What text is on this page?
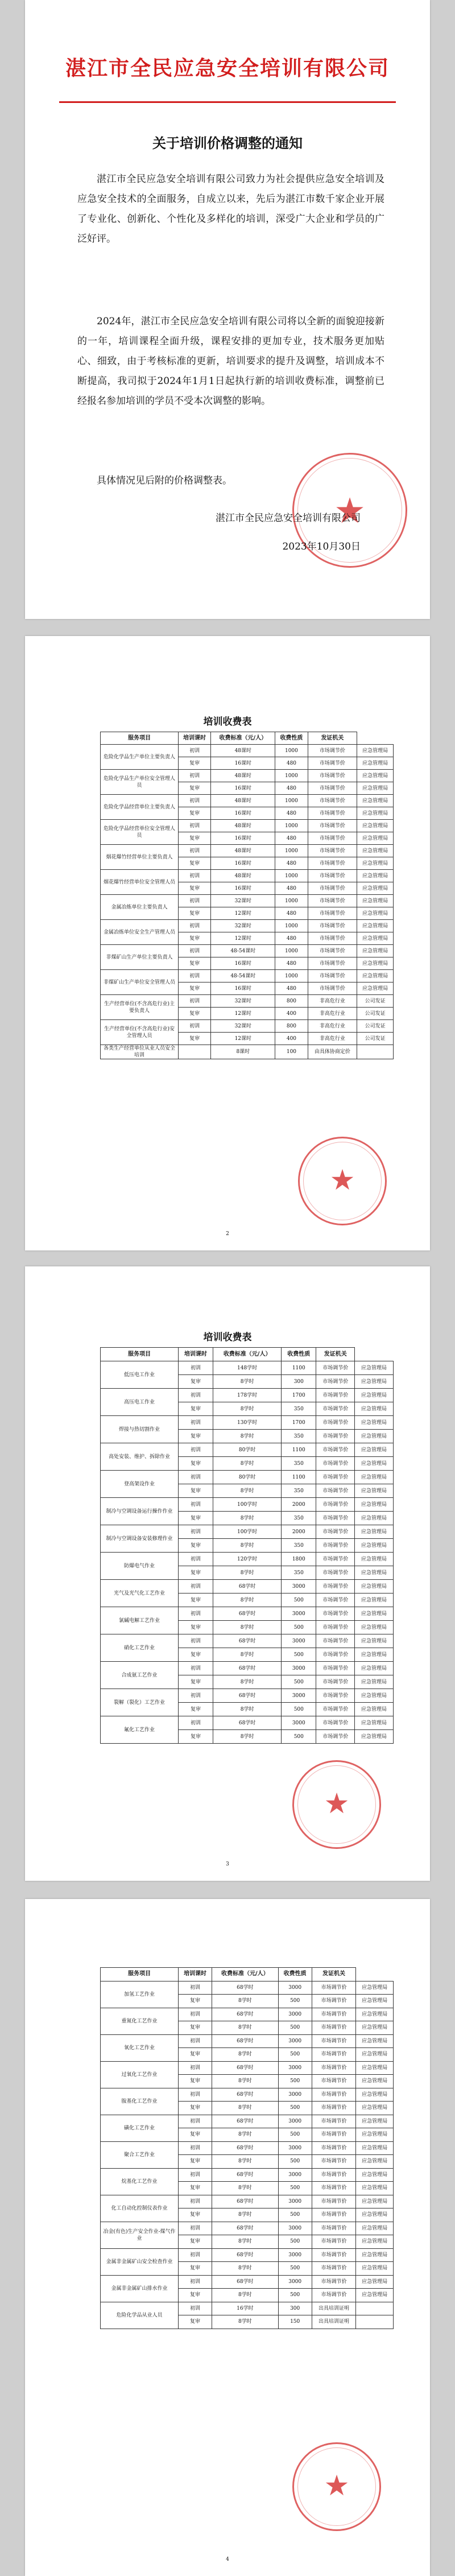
湛江市全民应急安全培训有限公司
关于培训价格调整的通知

湛江市全民应急安全培训有限公司致力为社会提供应急安全培训及应急安全技术的全面服务，自成立以来，先后为湛江市数千家企业开展了专业化、创新化、个性化及多样化的培训，深受广大企业和学员的广泛好评。

2024年，湛江市全民应急安全培训有限公司将以全新的面貌迎接新的一年，培训课程全面升级，课程安排的更加专业，技术服务更加贴心、细致，由于考核标准的更新，培训要求的提升及调整，培训成本不断提高，我司拟于2024年1月1日起执行新的培训收费标准，调整前已经报名参加培训的学员不受本次调整的影响。

具体情况见后附的价格调整表。

★
湛江市全民应急安全培训有限公司
2023年10月30日
培训收费表
服务项目	培训课时	收费标准（元/人）	收费性质	发证机关	
危险化学品生产单位主要负责人	初训	48课时	1000	市场调节价	应急管理局
	复审	16课时	480	市场调节价	应急管理局
危险化学品生产单位安全管理人员	初训	48课时	1000	市场调节价	应急管理局
	复审	16课时	480	市场调节价	应急管理局
危险化学品经营单位主要负责人	初训	48课时	1000	市场调节价	应急管理局
	复审	16课时	480	市场调节价	应急管理局
危险化学品经营单位安全管理人员	初训	48课时	1000	市场调节价	应急管理局
	复审	16课时	480	市场调节价	应急管理局
烟花爆竹经营单位主要负责人	初训	48课时	1000	市场调节价	应急管理局
	复审	16课时	480	市场调节价	应急管理局
烟花爆竹经营单位安全管理人员	初训	48课时	1000	市场调节价	应急管理局
	复审	16课时	480	市场调节价	应急管理局
金属冶炼单位主要负责人	初训	32课时	1000	市场调节价	应急管理局
	复审	12课时	480	市场调节价	应急管理局
金属冶炼单位安全生产管理人员	初训	32课时	1000	市场调节价	应急管理局
	复审	12课时	480	市场调节价	应急管理局
非煤矿山生产单位主要负责人	初训	48-54课时	1000	市场调节价	应急管理局
	复审	16课时	480	市场调节价	应急管理局
非煤矿山生产单位安全管理人员	初训	48-54课时	1000	市场调节价	应急管理局
	复审	16课时	480	市场调节价	应急管理局
生产经营单位(不含高危行业)主要负责人	初训	32课时	800	非高危行业	公司发证
	复审	12课时	400	非高危行业	公司发证
生产经营单位(不含高危行业)安全管理人员	初训	32课时	800	非高危行业	公司发证
	复审	12课时	400	非高危行业	公司发证
各类生产经营单位从业人员安全培训		8课时	100	由具体协商定价	
★
2
培训收费表
服务项目	培训课时	收费标准（元/人）	收费性质	发证机关	
低压电工作业	初训	148学时	1100	市场调节价	应急管理局
	复审	8学时	300	市场调节价	应急管理局
高压电工作业	初训	178学时	1700	市场调节价	应急管理局
	复审	8学时	350	市场调节价	应急管理局
焊接与热切割作业	初训	130学时	1700	市场调节价	应急管理局
	复审	8学时	350	市场调节价	应急管理局
高处安装、维护、拆除作业	初训	80学时	1100	市场调节价	应急管理局
	复审	8学时	350	市场调节价	应急管理局
登高架设作业	初训	80学时	1100	市场调节价	应急管理局
	复审	8学时	350	市场调节价	应急管理局
制冷与空调设备运行操作作业	初训	100学时	2000	市场调节价	应急管理局
	复审	8学时	350	市场调节价	应急管理局
制冷与空调设备安装修理作业	初训	100学时	2000	市场调节价	应急管理局
	复审	8学时	350	市场调节价	应急管理局
防爆电气作业	初训	120学时	1800	市场调节价	应急管理局
	复审	8学时	350	市场调节价	应急管理局
光气及光气化工艺作业	初训	68学时	3000	市场调节价	应急管理局
	复审	8学时	500	市场调节价	应急管理局
氯碱电解工艺作业	初训	68学时	3000	市场调节价	应急管理局
	复审	8学时	500	市场调节价	应急管理局
硝化工艺作业	初训	68学时	3000	市场调节价	应急管理局
	复审	8学时	500	市场调节价	应急管理局
合成氨工艺作业	初训	68学时	3000	市场调节价	应急管理局
	复审	8学时	500	市场调节价	应急管理局
裂解（裂化）工艺作业	初训	68学时	3000	市场调节价	应急管理局
	复审	8学时	500	市场调节价	应急管理局
氟化工艺作业	初训	68学时	3000	市场调节价	应急管理局
	复审	8学时	500	市场调节价	应急管理局
★
3
服务项目	培训课时	收费标准（元/人）	收费性质	发证机关	
加氢工艺作业	初训	68学时	3000	市场调节价	应急管理局
	复审	8学时	500	市场调节价	应急管理局
重氮化工艺作业	初训	68学时	3000	市场调节价	应急管理局
	复审	8学时	500	市场调节价	应急管理局
氧化工艺作业	初训	68学时	3000	市场调节价	应急管理局
	复审	8学时	500	市场调节价	应急管理局
过氧化工艺作业	初训	68学时	3000	市场调节价	应急管理局
	复审	8学时	500	市场调节价	应急管理局
胺基化工艺作业	初训	68学时	3000	市场调节价	应急管理局
	复审	8学时	500	市场调节价	应急管理局
磺化工艺作业	初训	68学时	3000	市场调节价	应急管理局
	复审	8学时	500	市场调节价	应急管理局
聚合工艺作业	初训	68学时	3000	市场调节价	应急管理局
	复审	8学时	500	市场调节价	应急管理局
烷基化工艺作业	初训	68学时	3000	市场调节价	应急管理局
	复审	8学时	500	市场调节价	应急管理局
化工自动化控制仪表作业	初训	68学时	3000	市场调节价	应急管理局
	复审	8学时	500	市场调节价	应急管理局
冶金(有色)生产安全作业-煤气作业	初训	68学时	3000	市场调节价	应急管理局
	复审	8学时	500	市场调节价	应急管理局
金属非金属矿山安全检查作业	初训	68学时	3000	市场调节价	应急管理局
	复审	8学时	500	市场调节价	应急管理局
金属非金属矿山排水作业	初训	68学时	3000	市场调节价	应急管理局
	复审	8学时	500	市场调节价	应急管理局
危险化学品从业人员	初训	16学时	300	出具培训证明	
	复审	8学时	150	出具培训证明	
★
4
